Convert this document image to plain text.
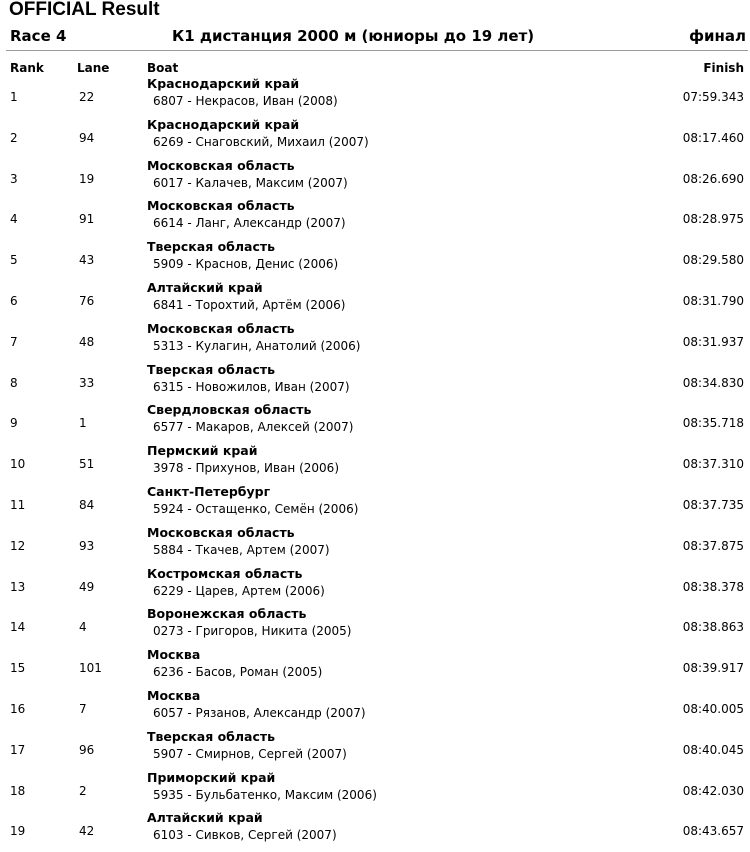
OFFICIAL Result
Race 4	К1 дистанция 2000 м (юниоры до 19 лет)	финал
Rank	Lane	Boat	Finish
1	22
Краснодарский край
6807 - Некрасов, Иван (2008)	07:59.343
2	94
Краснодарский край
6269 - Снаговский, Михаил (2007)	08:17.460
3	19
Московская область
6017 - Калачев, Максим (2007)	08:26.690
4	91
Московская область
6614 - Ланг, Александр (2007)	08:28.975
5	43
Тверская область
5909 - Краснов, Денис (2006)	08:29.580
6	76
Алтайский край
6841 - Торохтий, Артём (2006)	08:31.790
7	48
Московская область
5313 - Кулагин, Анатолий (2006)	08:31.937
8	33
Тверская область
6315 - Новожилов, Иван (2007)	08:34.830
9	1
Свердловская область
6577 - Макаров, Алексей (2007)	08:35.718
10	51
Пермский край
3978 - Прихунов, Иван (2006)	08:37.310
11	84
Санкт-Петербург
5924 - Остащенко, Семён (2006)	08:37.735
12	93
Московская область
5884 - Ткачев, Артем (2007)	08:37.875
13	49
Костромская область
6229 - Царев, Артем (2006)	08:38.378
14	4
Воронежская область
0273 - Григоров, Никита (2005)	08:38.863
15	101
Москва
6236 - Басов, Роман (2005)	08:39.917
16	7
Москва
6057 - Рязанов, Александр (2007)	08:40.005
17	96
Тверская область
5907 - Смирнов, Сергей (2007)	08:40.045
18	2
Приморский край
5935 - Бульбатенко, Максим (2006)	08:42.030
19	42
Алтайский край
6103 - Сивков, Сергей (2007)	08:43.657
